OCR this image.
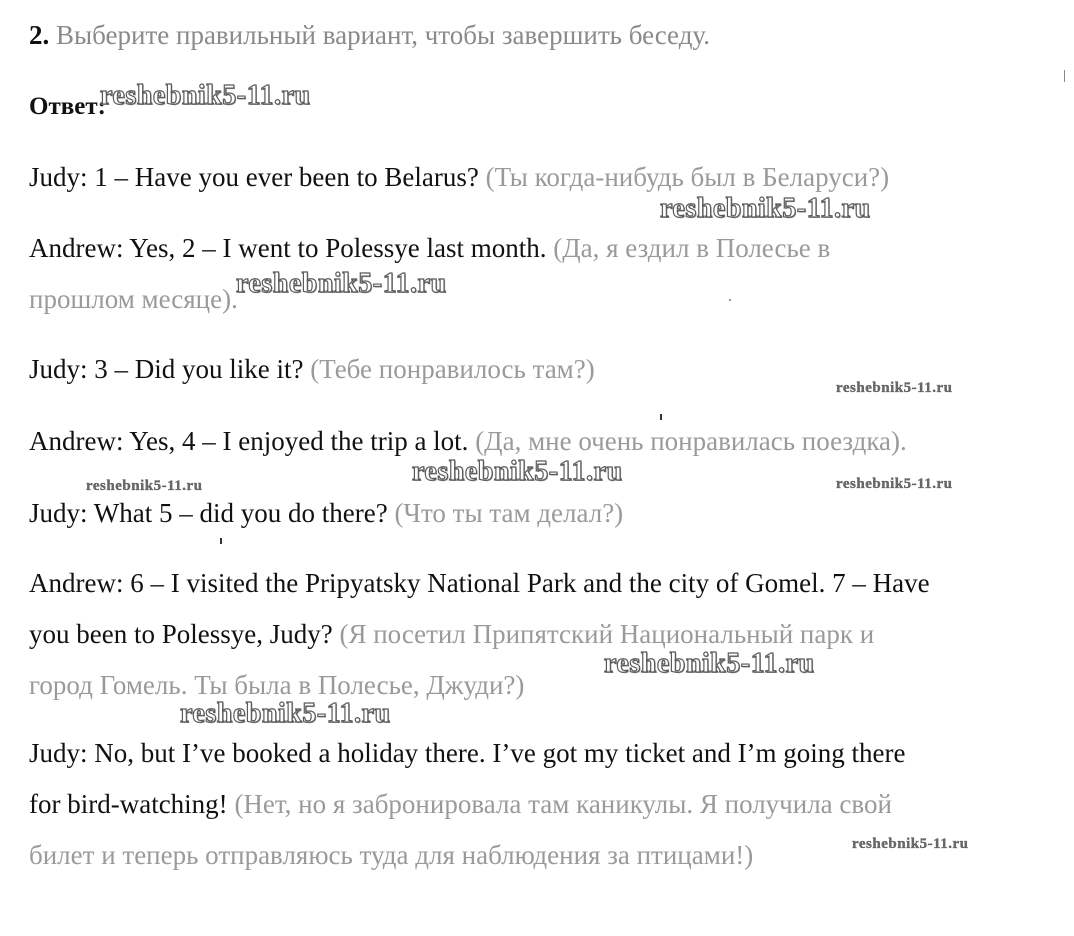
2. Выберите правильный вариант, чтобы завершить беседу.
Ответ:
Judy: 1 – Have you ever been to Belarus? (Ты когда-нибудь был в Беларуси?)
Andrew: Yes, 2 – I went to Polessye last month. (Да, я ездил в Полесье в
прошлом месяце).
Judy: 3 – Did you like it? (Тебе понравилось там?)
Andrew: Yes, 4 – I enjoyed the trip a lot. (Да, мне очень понравилась поездка).
Judy: What 5 – did you do there? (Что ты там делал?)
Andrew: 6 – I visited the Pripyatsky National Park and the city of Gomel. 7 – Have
you been to Polessye, Judy? (Я посетил Припятский Национальный парк и
город Гомель. Ты была в Полесье, Джуди?)
Judy: No, but I’ve booked a holiday there. I’ve got my ticket and I’m going there
for bird-watching! (Нет, но я забронировала там каникулы. Я получила свой
билет и теперь отправляюсь туда для наблюдения за птицами!)
reshebnik5-11.ru
reshebnik5-11.ru
reshebnik5-11.ru
reshebnik5-11.ru
reshebnik5-11.ru
reshebnik5-11.ru	reshebnik5-11.ru
reshebnik5-11.ru
reshebnik5-11.ru
reshebnik5-11.ru
